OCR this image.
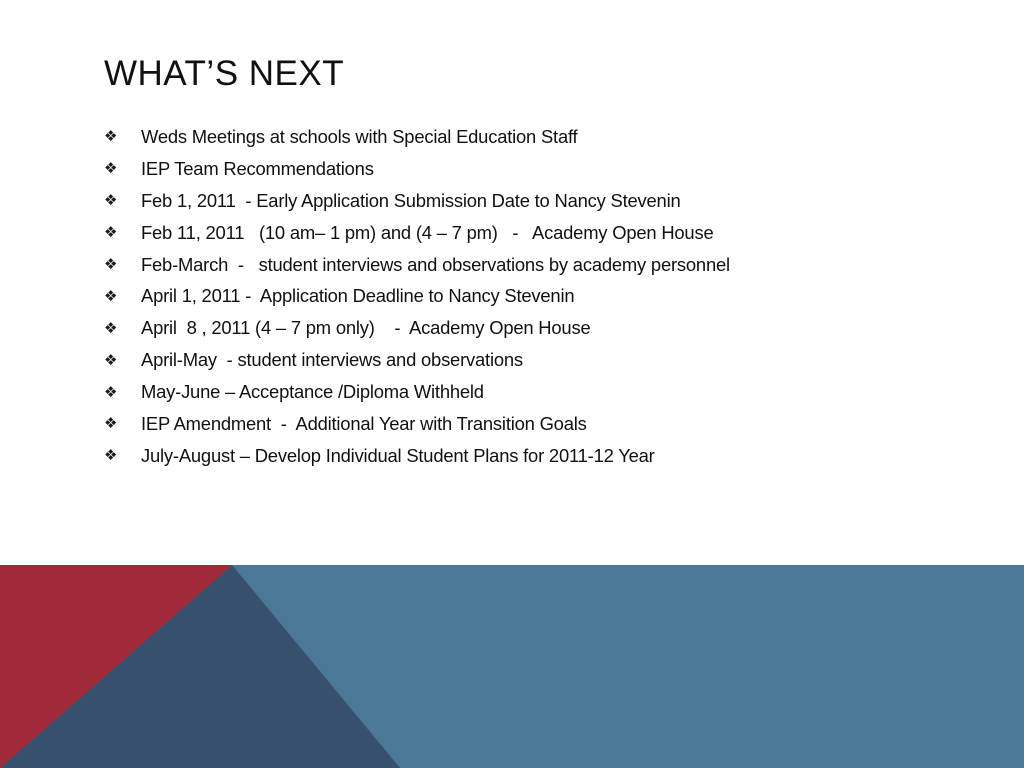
WHAT’S NEXT
❖	Weds Meetings at schools with Special Education Staff
❖	IEP Team Recommendations
❖	Feb 1, 2011  - Early Application Submission Date to Nancy Stevenin
❖	Feb 11, 2011   (10 am– 1 pm) and (4 – 7 pm)   -   Academy Open House
❖	Feb-March  -   student interviews and observations by academy personnel
❖	April 1, 2011 -  Application Deadline to Nancy Stevenin
❖	April  8 , 2011 (4 – 7 pm only)    -  Academy Open House
❖	April-May  - student interviews and observations
❖	May-June – Acceptance /Diploma Withheld
❖	IEP Amendment  -  Additional Year with Transition Goals
❖	July-August – Develop Individual Student Plans for 2011-12 Year
